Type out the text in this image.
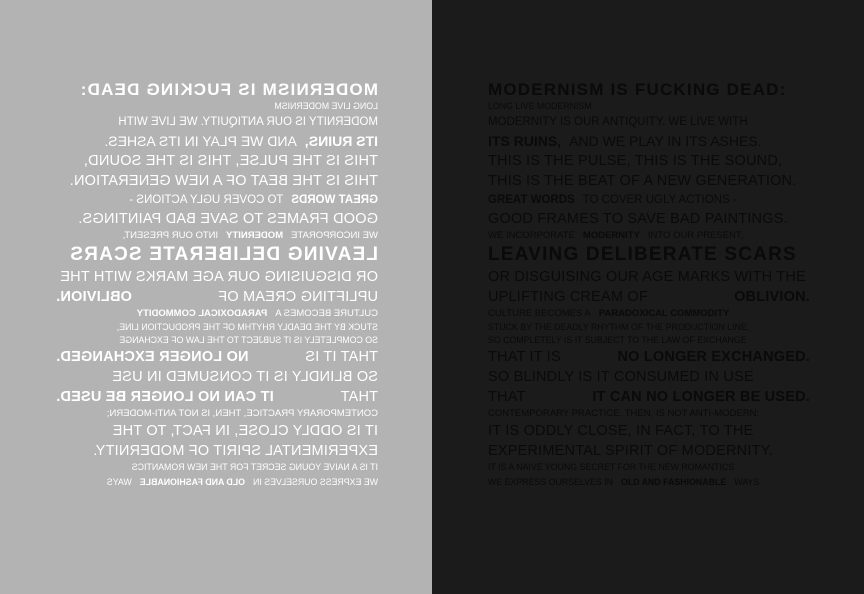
MODERNISM IS FUCKING DEAD:
LONG LIVE MODERNISM
MODERNITY IS OUR ANTIQUITY. WE LIVE WITH
ITS RUINS,
AND WE PLAY IN ITS ASHES.
THIS IS THE PULSE, THIS IS THE SOUND,
THIS IS THE BEAT OF A NEW GENERATION.
GREAT WORDS
TO COVER UGLY ACTIONS -
GOOD FRAMES TO SAVE BAD PAINTINGS.
WE INCORPORATE
MODERNITY
INTO OUR PRESENT,
LEAVING DELIBERATE SCARS
OR DISGUISING OUR AGE MARKS WITH THE
UPLIFTING CREAM OF
OBLIVION.
CULTURE BECOMES A
PARADOXICAL COMMODITY
STUCK BY THE DEADLY RHYTHM OF THE PRODUCTION LINE,
SO COMPLETELY IS IT SUBJECT TO THE LAW OF EXCHANGE
THAT IT IS
NO LONGER EXCHANGED.
SO BLINDLY IS IT CONSUMED IN USE
THAT
IT CAN NO LONGER BE USED.
CONTEMPORARY PRACTICE, THEN, IS NOT ANTI-MODERN;
IT IS ODDLY CLOSE, IN FACT, TO THE
EXPERIMENTAL SPIRIT OF MODERNITY.
IT IS A NAIVE YOUNG SECRET FOR THE NEW ROMANTICS
WE EXPRESS OURSELVES IN
OLD AND FASHIONABLE
WAYS
MODERNISM IS FUCKING DEAD:
LONG LIVE MODERNISM
MODERNITY IS OUR ANTIQUITY. WE LIVE WITH
ITS RUINS, AND WE PLAY IN ITS ASHES.
THIS IS THE PULSE, THIS IS THE SOUND,
THIS IS THE BEAT OF A NEW GENERATION.
GREAT WORDS TO COVER UGLY ACTIONS -
GOOD FRAMES TO SAVE BAD PAINTINGS.
WE INCORPORATE MODERNITY INTO OUR PRESENT,
LEAVING DELIBERATE SCARS
OR DISGUISING OUR AGE MARKS WITH THE
UPLIFTING CREAM OF	OBLIVION.
CULTURE BECOMES A PARADOXICAL COMMODITY
STUCK BY THE DEADLY RHYTHM OF THE PRODUCTION LINE,
SO COMPLETELY IS IT SUBJECT TO THE LAW OF EXCHANGE
THAT IT IS	NO LONGER EXCHANGED.
SO BLINDLY IS IT CONSUMED IN USE
THAT	IT CAN NO LONGER BE USED.
CONTEMPORARY PRACTICE, THEN, IS NOT ANTI-MODERN;
IT IS ODDLY CLOSE, IN FACT, TO THE
EXPERIMENTAL SPIRIT OF MODERNITY.
IT IS A NAIVE YOUNG SECRET FOR THE NEW ROMANTICS
WE EXPRESS OURSELVES IN OLD AND FASHIONABLE WAYS
